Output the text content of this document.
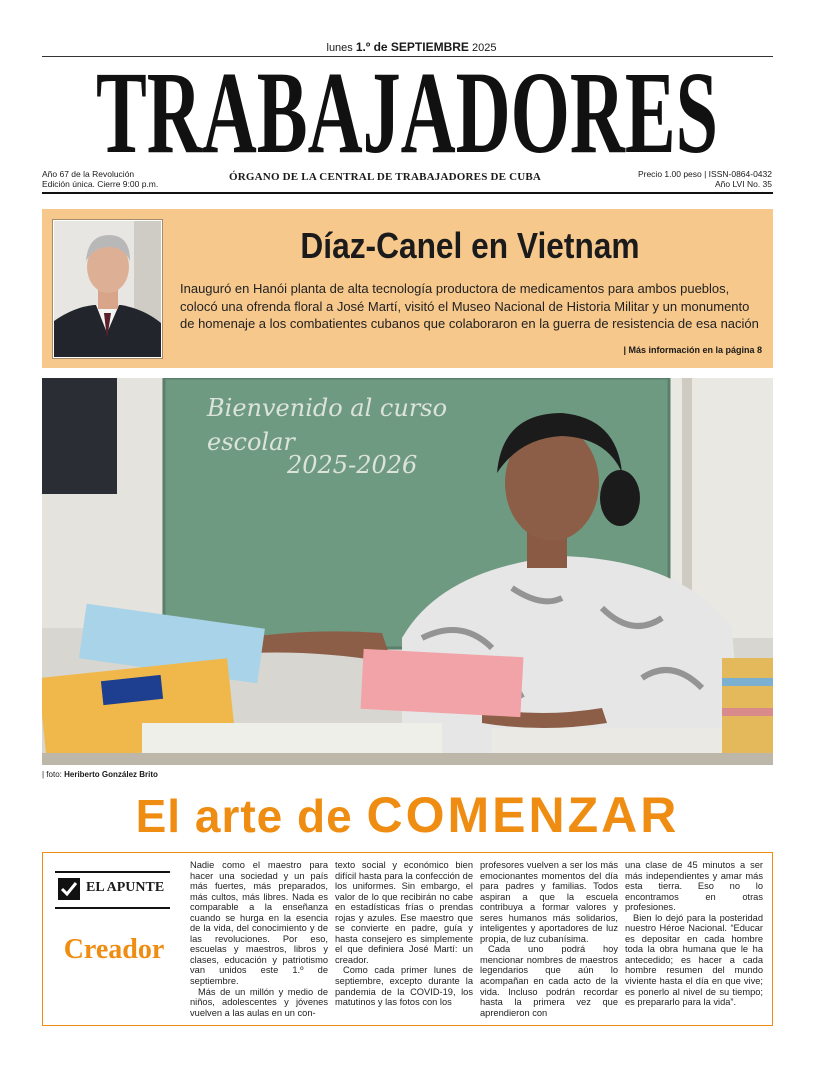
lunes 1.º de SEPTIEMBRE 2025
TRABAJADORES
Año 67 de la Revolución
Edición única. Cierre 9:00 p.m.
ÓRGANO DE LA CENTRAL DE TRABAJADORES DE CUBA	Precio 1.00 peso | ISSN-0864-0432
Año LVI No. 35
Díaz-Canel en Vietnam
Inauguró en Hanói planta de alta tecnología productora de medicamentos para ambos pueblos, colocó una ofrenda floral a José Martí, visitó el Museo Nacional de Historia Militar y un monumento de homenaje a los combatientes cubanos que colaboraron en la guerra de resistencia de esa nación
| Más información en la página 8
Bienvenido al curso
escolar
2025-2026
| foto: Heriberto González Brito
El arte de COMENZAR
EL APUNTE
Creador

Nadie como el maestro para hacer una sociedad y un país más fuertes, más preparados, más cultos, más libres. Nada es comparable a la enseñanza cuando se hurga en la esencia de la vida, del conocimiento y de las revoluciones. Por eso, escuelas y maestros, libros y clases, educación y patriotismo van unidos este 1.º de septiembre.

Más de un millón y medio de niños, adolescentes y jóvenes vuelven a las aulas en un con-

texto social y económico bien difícil hasta para la confección de los uniformes. Sin embargo, el valor de lo que recibirán no cabe en estadísticas frías o prendas rojas y azules. Ese maestro que se convierte en padre, guía y hasta consejero es simplemente el que definiera José Martí: un creador.

Como cada primer lunes de septiembre, excepto durante la pandemia de la COVID-19, los matutinos y las fotos con los

profesores vuelven a ser los más emocionantes momentos del día para padres y familias. Todos aspiran a que la escuela contribuya a formar valores y seres humanos más solidarios, inteligentes y aportadores de luz propia, de luz cubanísima.

Cada uno podrá hoy mencionar nombres de maestros legendarios que aún lo acompañan en cada acto de la vida. Incluso podrán recordar hasta la primera vez que aprendieron con

una clase de 45 minutos a ser más independientes y amar más esta tierra. Eso no lo encontramos en otras profesiones.

Bien lo dejó para la posteridad nuestro Héroe Nacional. “Educar es depositar en cada hombre toda la obra humana que le ha antecedido; es hacer a cada hombre resumen del mundo viviente hasta el día en que vive; es ponerlo al nivel de su tiempo; es prepararlo para la vida”.
